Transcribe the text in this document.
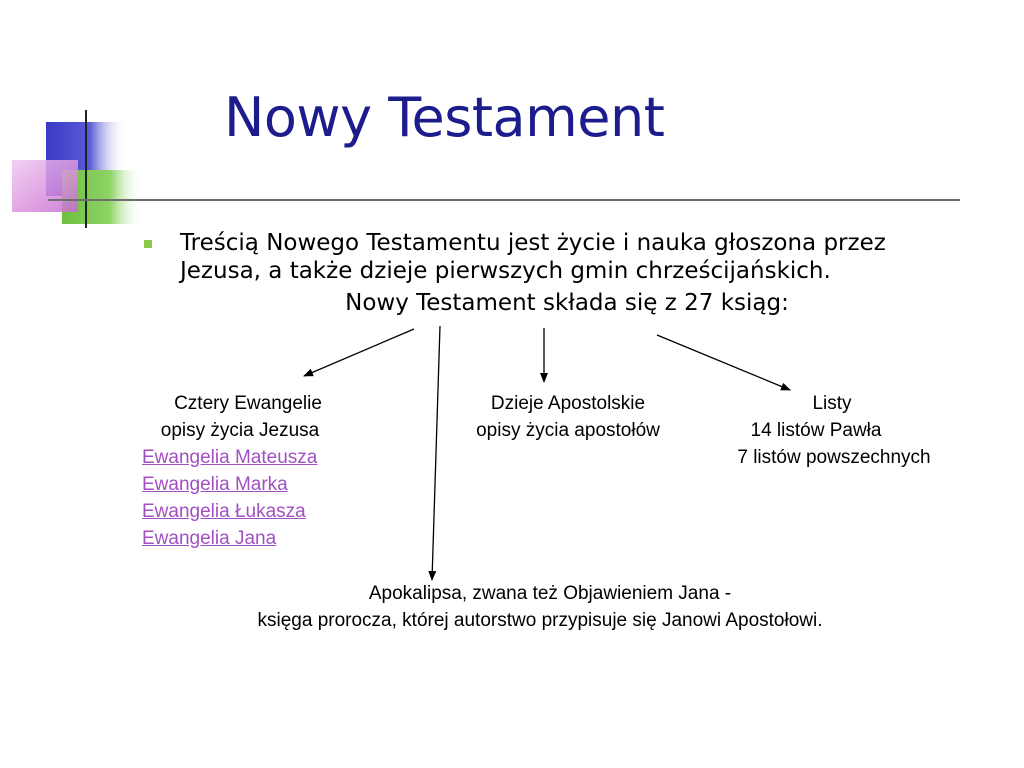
Nowy Testament
Treścią Nowego Testamentu jest życie i nauka głoszona przez
Jezusa, a także dzieje pierwszych gmin chrześcijańskich.
Nowy Testament składa się z 27 ksiąg:
Cztery Ewangelie
opisy życia Jezusa
Ewangelia Mateusza
Ewangelia Marka
Ewangelia Łukasza
Ewangelia Jana
Dzieje Apostolskie
opisy życia apostołów
Listy
14 listów Pawła
7 listów powszechnych
Apokalipsa, zwana też Objawieniem Jana -
księga prorocza, której autorstwo przypisuje się Janowi Apostołowi.
